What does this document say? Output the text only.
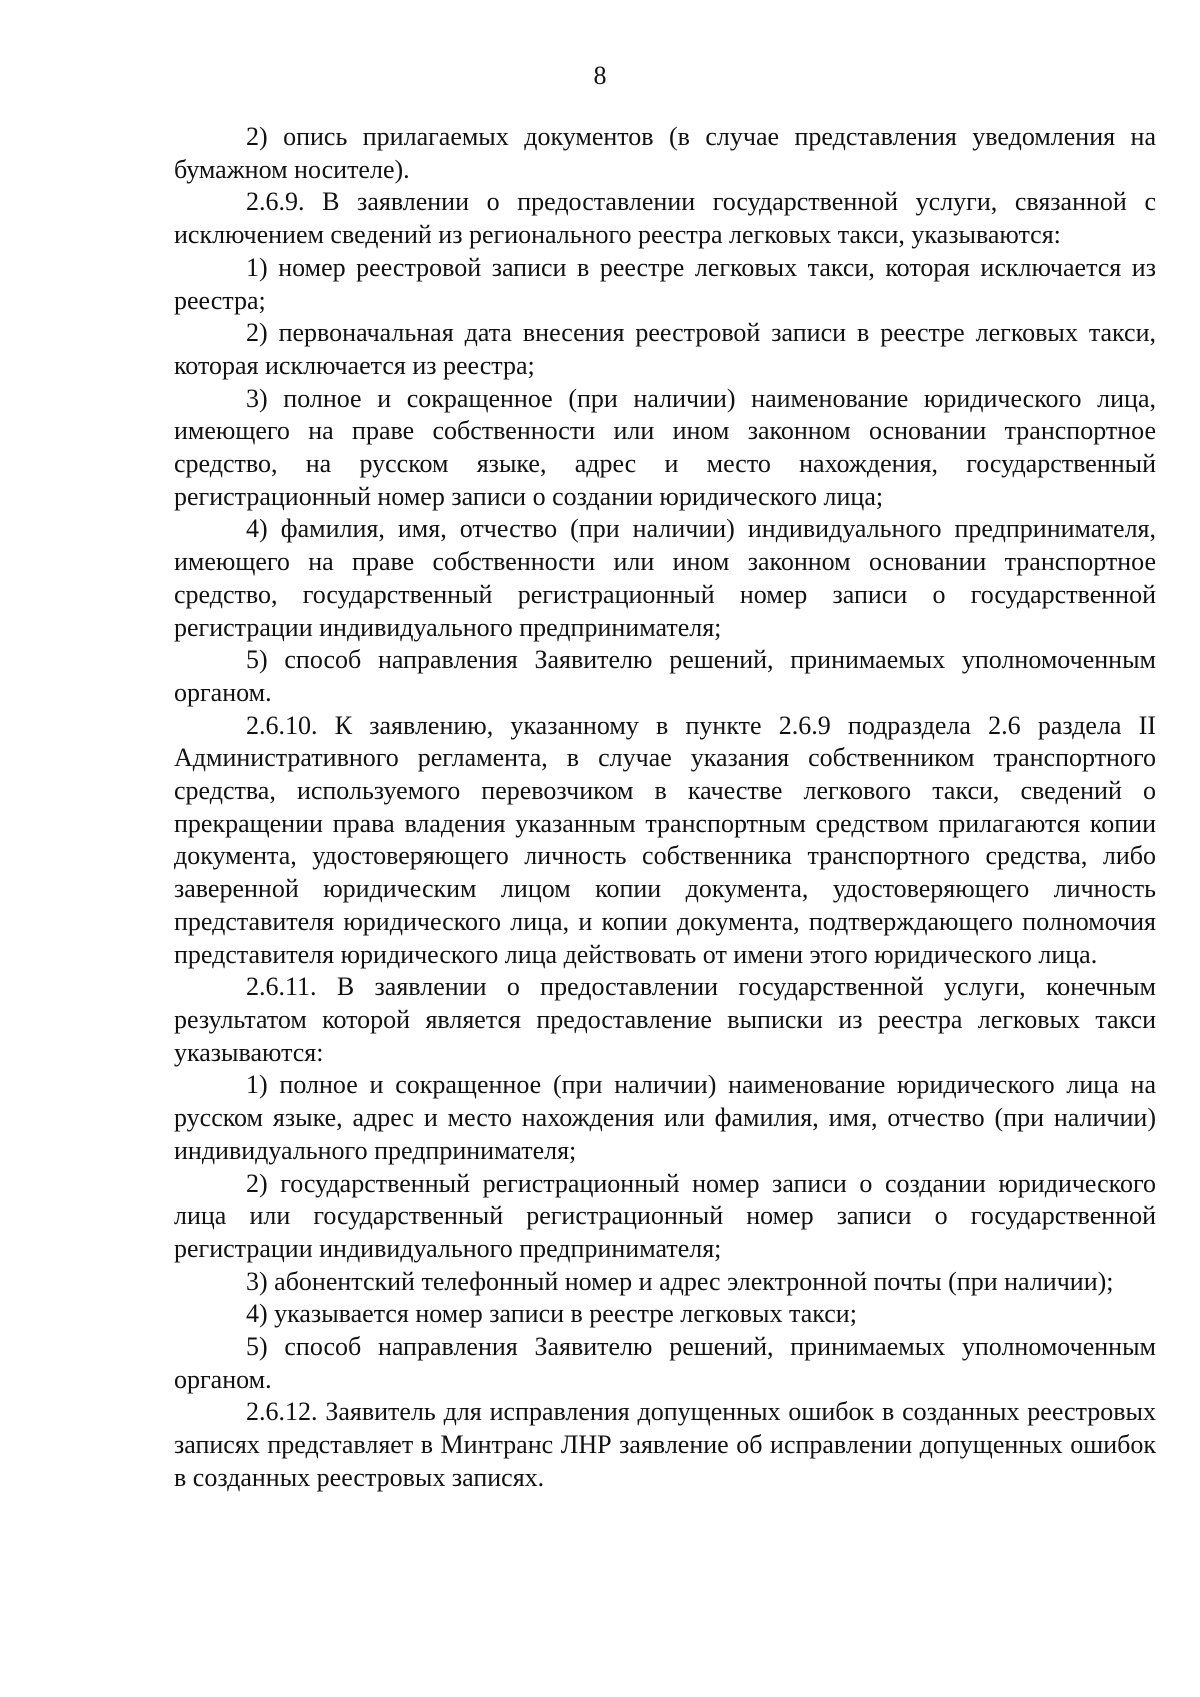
8

2) опись прилагаемых документов (в случае представления уведомления на бумажном носителе).

2.6.9. В заявлении о предоставлении государственной услуги, связанной с исключением сведений из регионального реестра легковых такси, указываются:

1) номер реестровой записи в реестре легковых такси, которая исключается из реестра;

2) первоначальная дата внесения реестровой записи в реестре легковых такси, которая исключается из реестра;

3) полное и сокращенное (при наличии) наименование юридического лица, имеющего на праве собственности или ином законном основании транспортное средство, на русском языке, адрес и место нахождения, государственный регистрационный номер записи о создании юридического лица;

4) фамилия, имя, отчество (при наличии) индивидуального предпринимателя, имеющего на праве собственности или ином законном основании транспортное средство, государственный регистрационный номер записи о государственной регистрации индивидуального предпринимателя;

5) способ направления Заявителю решений, принимаемых уполномоченным органом.

2.6.10. К заявлению, указанному в пункте 2.6.9 подраздела 2.6 раздела II Административного регламента, в случае указания собственником транспортного средства, используемого перевозчиком в качестве легкового такси, сведений о прекращении права владения указанным транспортным средством прилагаются копии документа, удостоверяющего личность собственника транспортного средства, либо заверенной юридическим лицом копии документа, удостоверяющего личность представителя юридического лица, и копии документа, подтверждающего полномочия представителя юридического лица действовать от имени этого юридического лица.

2.6.11. В заявлении о предоставлении государственной услуги, конечным результатом которой является предоставление выписки из реестра легковых такси указываются:

1) полное и сокращенное (при наличии) наименование юридического лица на русском языке, адрес и место нахождения или фамилия, имя, отчество (при наличии) индивидуального предпринимателя;

2) государственный регистрационный номер записи о создании юридического лица или государственный регистрационный номер записи о государственной регистрации индивидуального предпринимателя;

3) абонентский телефонный номер и адрес электронной почты (при наличии);

4) указывается номер записи в реестре легковых такси;

5) способ направления Заявителю решений, принимаемых уполномоченным органом.

2.6.12. Заявитель для исправления допущенных ошибок в созданных реестровых записях представляет в Минтранс ЛНР заявление об исправлении допущенных ошибок в созданных реестровых записях.
